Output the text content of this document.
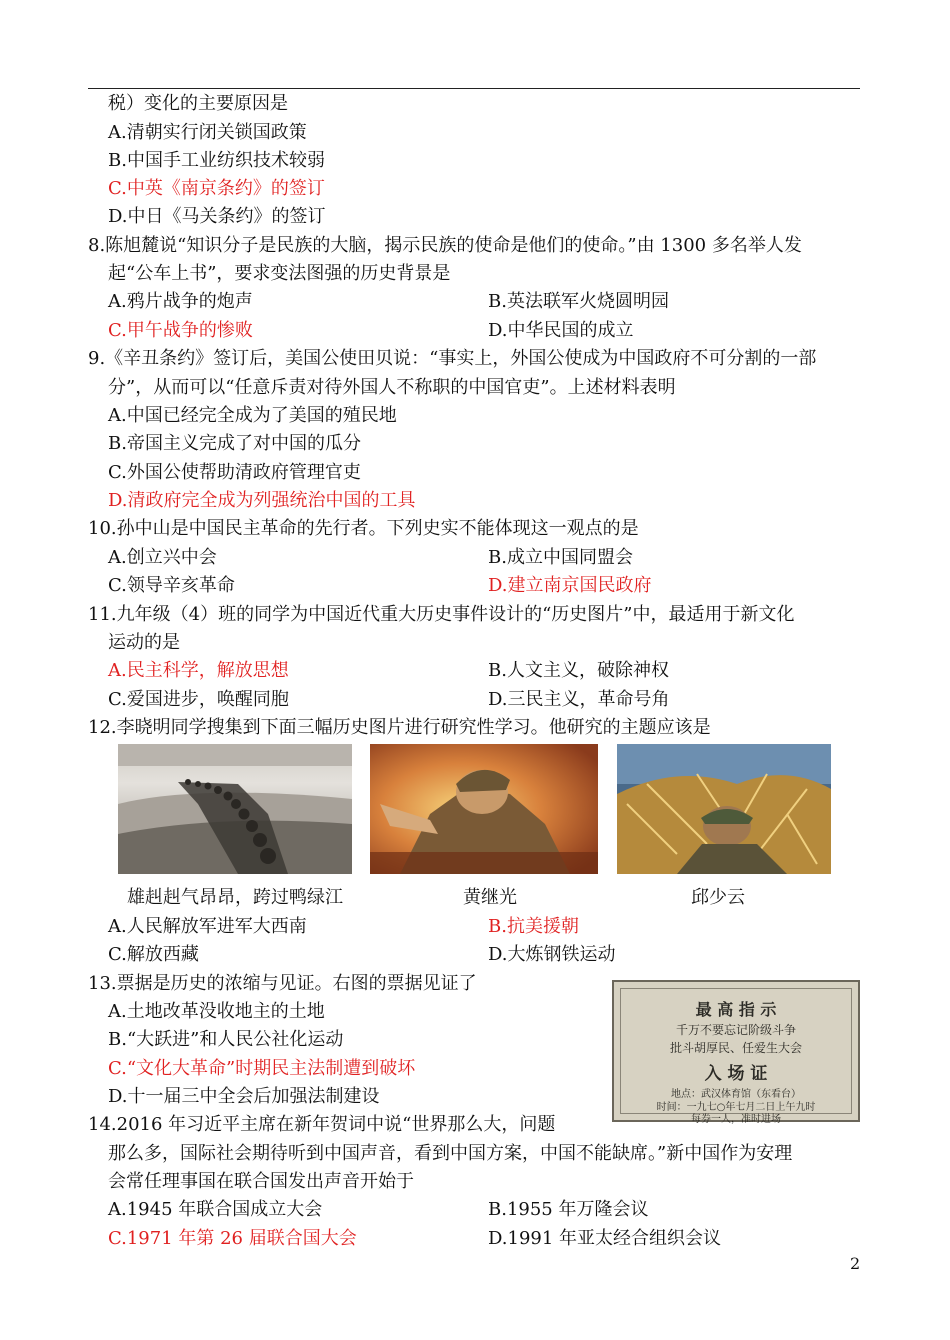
税）变化的主要原因是
A.清朝实行闭关锁国政策
B.中国手工业纺织技术较弱
C.中英《南京条约》的签订
D.中日《马关条约》的签订
8.陈旭麓说“知识分子是民族的大脑，揭示民族的使命是他们的使命。”由 1300 多名举人发
起“公车上书”，要求变法图强的历史背景是
A.鸦片战争的炮声	B.英法联军火烧圆明园
C.甲午战争的惨败	D.中华民国的成立
9.《辛丑条约》签订后，美国公使田贝说：“事实上，外国公使成为中国政府不可分割的一部
分”，从而可以“任意斥责对待外国人不称职的中国官吏”。上述材料表明
A.中国已经完全成为了美国的殖民地
B.帝国主义完成了对中国的瓜分
C.外国公使帮助清政府管理官吏
D.清政府完全成为列强统治中国的工具
10.孙中山是中国民主革命的先行者。下列史实不能体现这一观点的是
A.创立兴中会	B.成立中国同盟会
C.领导辛亥革命	D.建立南京国民政府
11.九年级（4）班的同学为中国近代重大历史事件设计的“历史图片”中，最适用于新文化
运动的是
A.民主科学，解放思想	B.人文主义，破除神权
C.爱国进步，唤醒同胞	D.三民主义，革命号角
12.李晓明同学搜集到下面三幅历史图片进行研究性学习。他研究的主题应该是
雄赳赳气昂昂，跨过鸭绿江	黄继光	邱少云
A.人民解放军进军大西南	B.抗美援朝
C.解放西藏	D.大炼钢铁运动
13.票据是历史的浓缩与见证。右图的票据见证了
A.土地改革没收地主的土地
B.“大跃进”和人民公社化运动
C.“文化大革命”时期民主法制遭到破坏
D.十一届三中全会后加强法制建设
最 高 指 示
千万不要忘记阶级斗争
批斗胡厚民、任爱生大会
入 场 证
地点：武汉体育馆（东看台）
时间：一九七○年七月二日上午九时
每券一人，准时进场
14.2016 年习近平主席在新年贺词中说“世界那么大，问题
那么多，国际社会期待听到中国声音，看到中国方案，中国不能缺席。”新中国作为安理
会常任理事国在联合国发出声音开始于
A.1945 年联合国成立大会	B.1955 年万隆会议
C.1971 年第 26 届联合国大会	D.1991 年亚太经合组织会议
2
